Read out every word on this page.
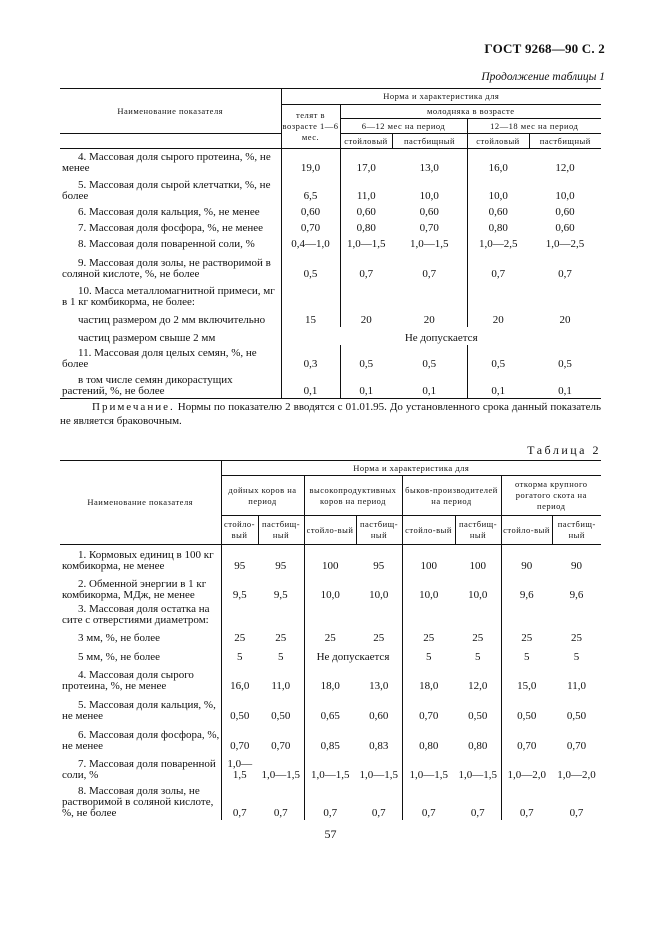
ГОСТ 9268—90 С. 2
Продолжение таблицы 1
Наименование показателя	Норма и характеристика для				
	телят в возрасте 1—6 мес.	молодняка в возрасте			
		6—12 мес на период		12—18 мес на период	
		стойловый	пастбищный	стойловый	пастбищный
4. Массовая доля сырого протеина, %, не менее	19,0	17,0	13,0	16,0	12,0
5. Массовая доля сырой клетчатки, %, не более	6,5	11,0	10,0	10,0	10,0
6. Массовая доля кальция, %, не менее	0,60	0,60	0,60	0,60	0,60
7. Массовая доля фосфора, %, не менее	0,70	0,80	0,70	0,80	0,60
8. Массовая доля поваренной соли, %	0,4—1,0	1,0—1,5	1,0—1,5	1,0—2,5	1,0—2,5
9. Массовая доля золы, не растворимой в соляной кислоте, %, не более	0,5	0,7	0,7	0,7	0,7
10. Масса металломагнитной примеси, мг в 1 кг комбикорма, не более:					
частиц размером до 2 мм включительно	15	20	20	20	20
частиц размером свыше 2 мм	Не допускается				
11. Массовая доля целых семян, %, не более	0,3	0,5	0,5	0,5	0,5
в том числе семян дикорастущих растений, %, не более	0,1	0,1	0,1	0,1	0,1
Примечание. Нормы по показателю 2 вводятся с 01.01.95. До установленного срока данный показатель не является браковочным.
Таблица 2
Наименование показателя	Норма и характеристика для							
	дойных коров на период		высокопродуктивных коров на период		быков-производителей на период		откорма крупного рогатого скота на период	
	стойло-вый	пастбищ-ный	стойло-вый	пастбищ-ный	стойло-вый	пастбищ-ный	стойло-вый	пастбищ-ный
1. Кормовых единиц в 100 кг комбикорма, не менее	95	95	100	95	100	100	90	90
2. Обменной энергии в 1 кг комбикорма, МДж, не менее	9,5	9,5	10,0	10,0	10,0	10,0	9,6	9,6
3. Массовая доля остатка на сите с отверстиями диаметром:								
3 мм, %, не более	25	25	25	25	25	25	25	25
5 мм, %, не более	5	5	Не допускается		5	5	5	5
4. Массовая доля сырого протеина, %, не менее	16,0	11,0	18,0	13,0	18,0	12,0	15,0	11,0
5. Массовая доля кальция, %, не менее	0,50	0,50	0,65	0,60	0,70	0,50	0,50	0,50
6. Массовая доля фосфора, %, не менее	0,70	0,70	0,85	0,83	0,80	0,80	0,70	0,70
7. Массовая доля поваренной соли, %	1,0—1,5	1,0—1,5	1,0—1,5	1,0—1,5	1,0—1,5	1,0—1,5	1,0—2,0	1,0—2,0
8. Массовая доля золы, не растворимой в соляной кислоте, %, не более	0,7	0,7	0,7	0,7	0,7	0,7	0,7	0,7
57
